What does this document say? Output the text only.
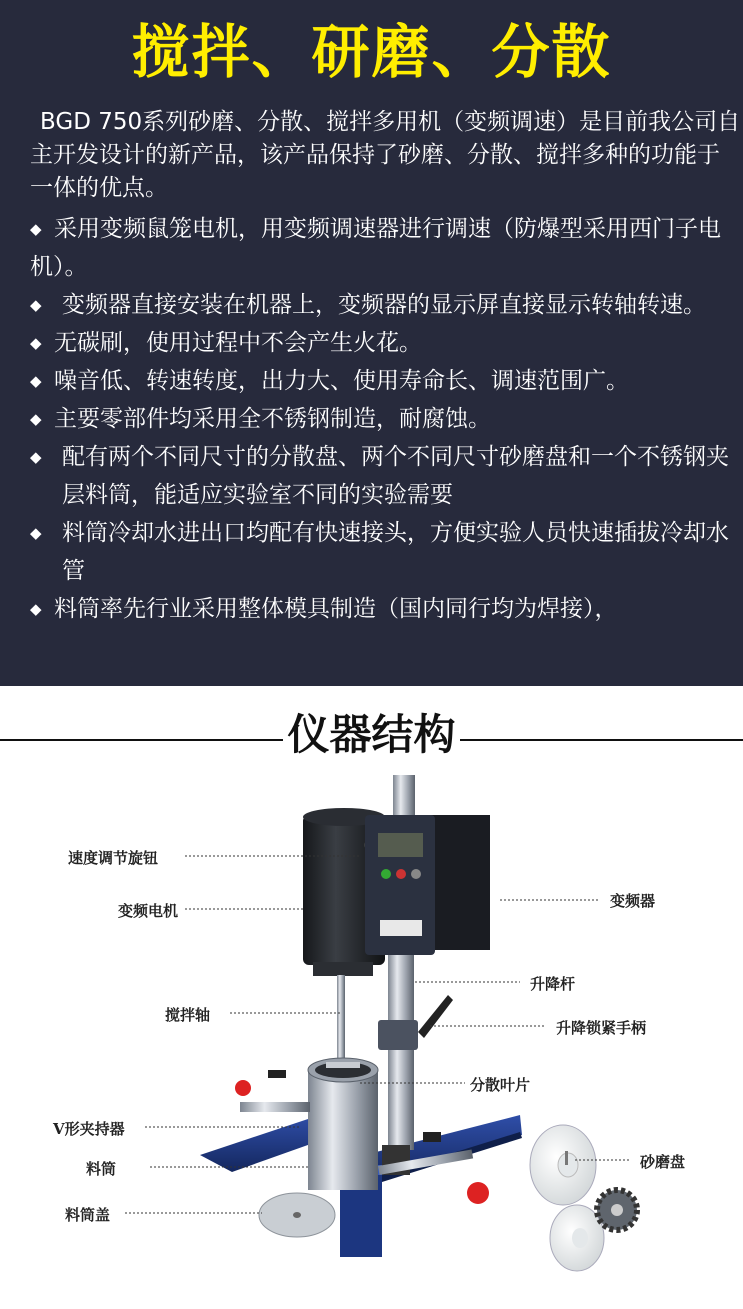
搅拌、研磨、分散

BGD 750系列砂磨、分散、搅拌多用机（变频调速）是目前我公司自主开发设计的新产品，该产品保持了砂磨、分散、搅拌多种的功能于一体的优点。

◆ 采用变频鼠笼电机，用变频调速器进行调速（防爆型采用西门子电机）。
◆ 变频器直接安装在机器上，变频器的显示屏直接显示转轴转速。
◆ 无碳刷，使用过程中不会产生火花。
◆ 噪音低、转速转度，出力大、使用寿命长、调速范围广。
◆ 主要零部件均采用全不锈钢制造，耐腐蚀。
◆ 配有两个不同尺寸的分散盘、两个不同尺寸砂磨盘和一个不锈钢夹层料筒，能适应实验室不同的实验需要
◆ 料筒冷却水进出口均配有快速接头，方便实验人员快速插拔冷却水管
◆ 料筒率先行业采用整体模具制造（国内同行均为焊接），
仪器结构
速度调节旋钮
变频电机
变频器
升降杆
搅拌轴
升降锁紧手柄
分散叶片
V形夹持器
料筒	砂磨盘
料筒盖
